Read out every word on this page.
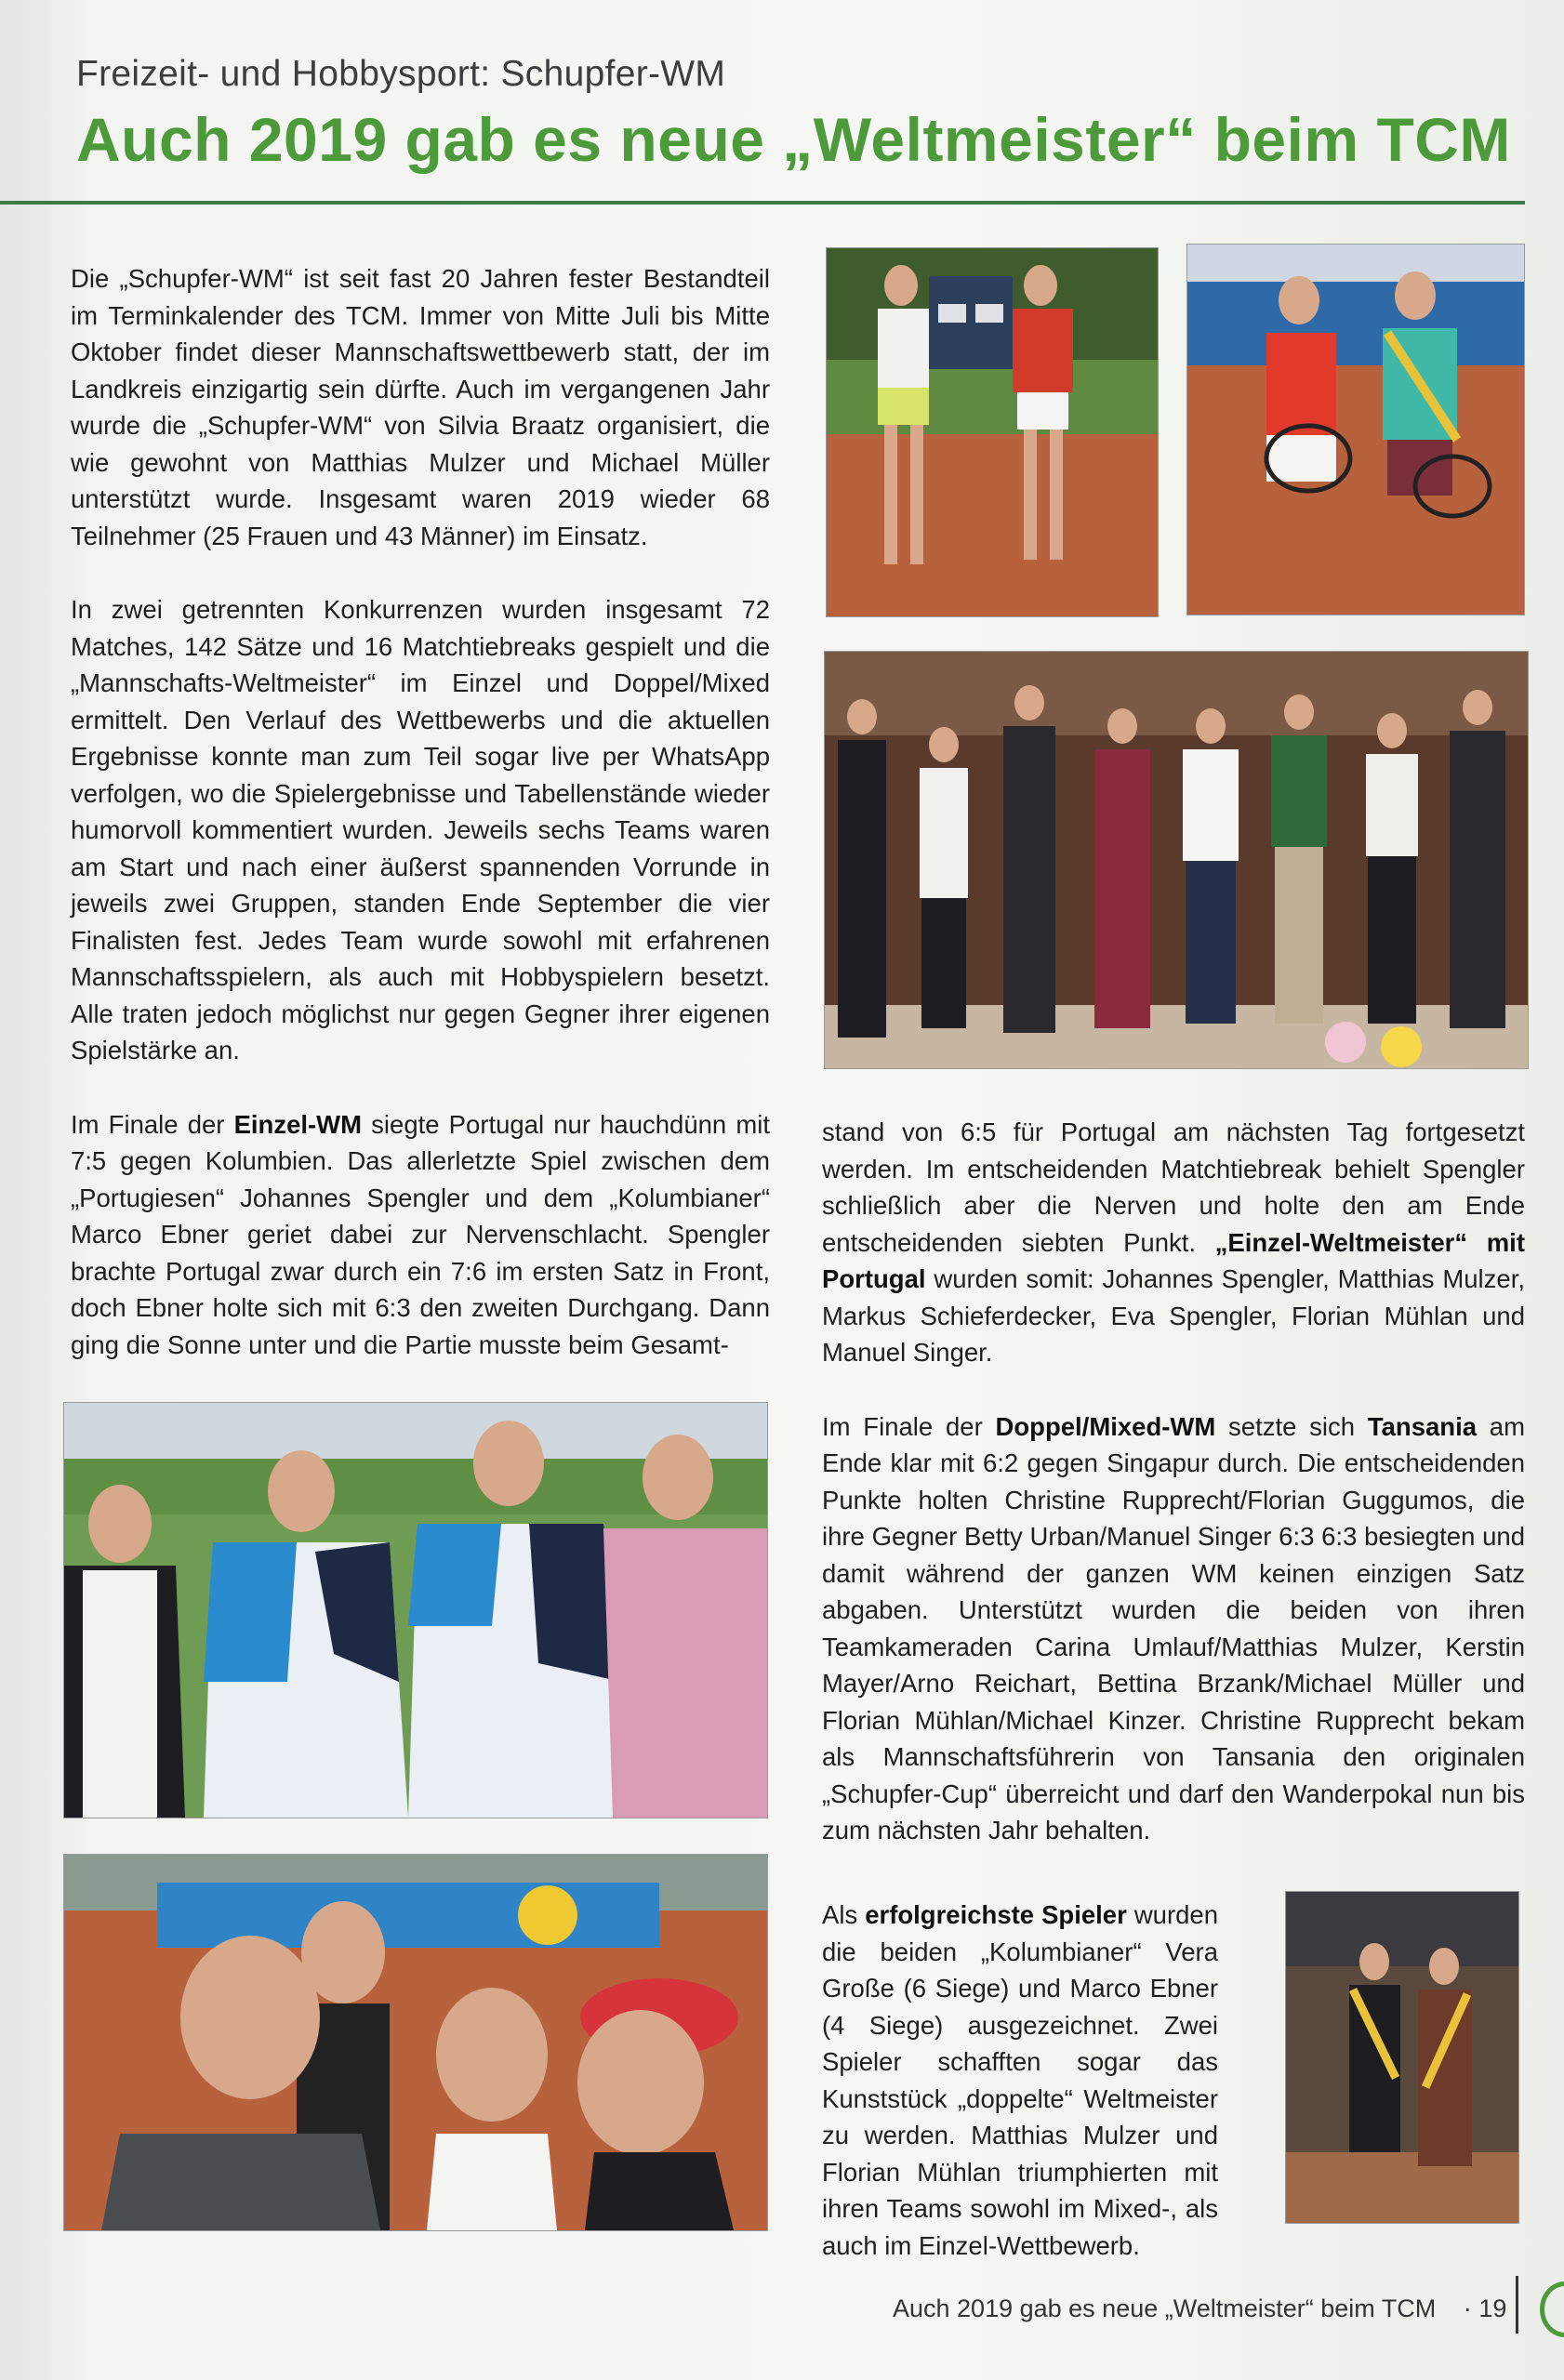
Freizeit- und Hobbysport: Schupfer-WM
Auch 2019 gab es neue „Weltmeister“ beim TCM

Die „Schupfer-WM“ ist seit fast 20 Jahren fester Bestandteil im Terminkalender des TCM. Immer von Mitte Juli bis Mitte Oktober findet dieser Mannschaftswettbewerb statt, der im Landkreis einzigartig sein dürfte. Auch im vergangenen Jahr wurde die „Schupfer-WM“ von Silvia Braatz organisiert, die wie gewohnt von Matthias Mulzer und Michael Müller unterstützt wurde. Insgesamt waren 2019 wieder 68 Teilnehmer (25 Frauen und 43 Männer) im Einsatz.

In zwei getrennten Konkurrenzen wurden insgesamt 72 Matches, 142 Sätze und 16 Matchtiebreaks gespielt und die „Mannschafts-Weltmeister“ im Einzel und Doppel/Mixed ermittelt. Den Verlauf des Wettbewerbs und die aktuellen Ergebnisse konnte man zum Teil sogar live per WhatsApp verfolgen, wo die Spielergebnisse und Tabellenstände wieder humorvoll kommentiert wurden. Jeweils sechs Teams waren am Start und nach einer äußerst spannenden Vorrunde in jeweils zwei Gruppen, standen Ende September die vier Finalisten fest. Jedes Team wurde sowohl mit erfahrenen Mannschaftsspielern, als auch mit Hobbyspielern besetzt. Alle traten jedoch möglichst nur gegen Gegner ihrer eigenen Spielstärke an.

Im Finale der Einzel-WM siegte Portugal nur hauchdünn mit 7:5 gegen Kolumbien. Das allerletzte Spiel zwischen dem „Portugiesen“ Johannes Spengler und dem „Kolumbianer“ Marco Ebner geriet dabei zur Nervenschlacht. Spengler brachte Portugal zwar durch ein 7:6 im ersten Satz in Front, doch Ebner holte sich mit 6:3 den zweiten Durchgang. Dann ging die Sonne unter und die Partie musste beim Gesamt-

stand von 6:5 für Portugal am nächsten Tag fortgesetzt werden. Im entscheidenden Matchtiebreak behielt Spengler schließlich aber die Nerven und holte den am Ende entscheidenden siebten Punkt. „Einzel-Weltmeister“ mit Portugal wurden somit: Johannes Spengler, Matthias Mulzer, Markus Schieferdecker, Eva Spengler, Florian Mühlan und Manuel Singer.

Im Finale der Doppel/Mixed-WM setzte sich Tansania am Ende klar mit 6:2 gegen Singapur durch. Die entscheidenden Punkte holten Christine Rupprecht/Florian Guggumos, die ihre Gegner Betty Urban/Manuel Singer 6:3 6:3 besiegten und damit während der ganzen WM keinen einzigen Satz abgaben. Unterstützt wurden die beiden von ihren Teamkameraden Carina Umlauf/Matthias Mulzer, Kerstin Mayer/Arno Reichart, Bettina Brzank/Michael Müller und Florian Mühlan/Michael Kinzer. Christine Rupprecht bekam als Mannschaftsführerin von Tansania den originalen „Schupfer-Cup“ überreicht und darf den Wanderpokal nun bis zum nächsten Jahr behalten.

Als erfolgreichste Spieler wurden die beiden „Kolumbianer“ Vera Große (6 Siege) und Marco Ebner (4 Siege) ausgezeichnet. Zwei Spieler schafften sogar das Kunststück „doppelte“ Weltmeister zu werden. Matthias Mulzer und Florian Mühlan triumphierten mit ihren Teams sowohl im Mixed-, als auch im Einzel-Wettbewerb.

Auch 2019 gab es neue „Weltmeister“ beim TCM · 19
